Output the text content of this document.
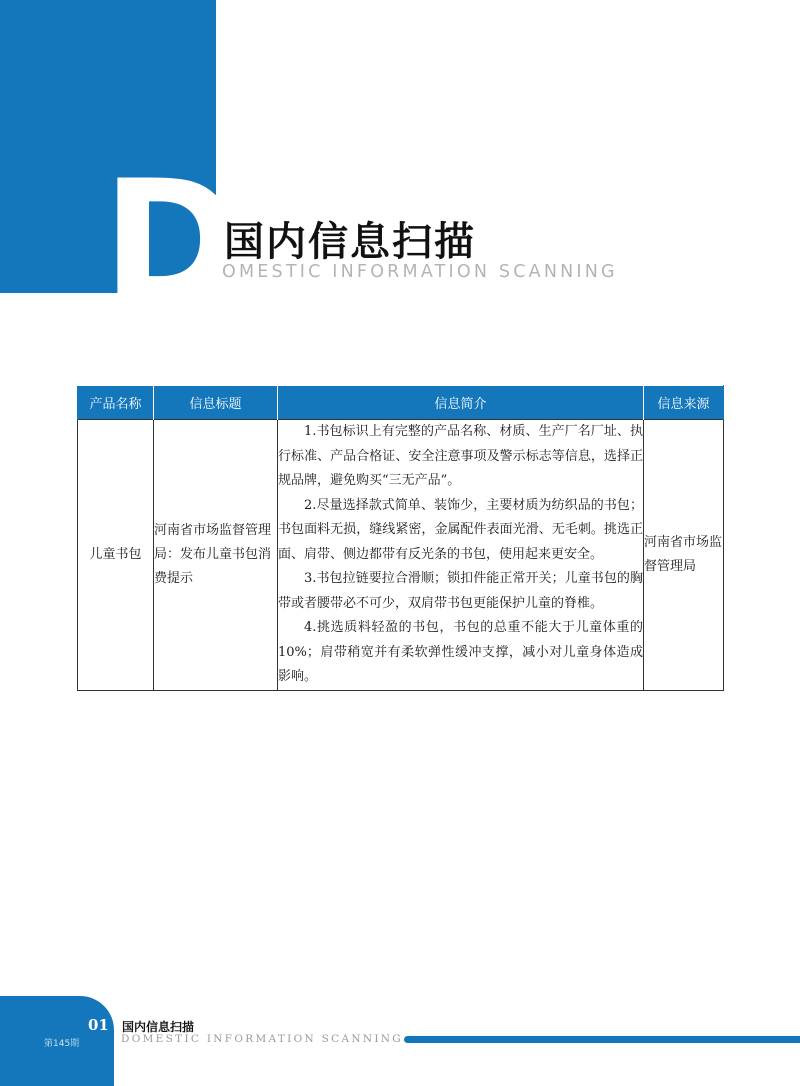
D
国内信息扫描
OMESTIC INFORMATION SCANNING
产品名称	信息标题	信息简介	信息来源
儿童书包	河南省市场监督管理局：发布儿童书包消费提示	1.书包标识上有完整的产品名称、材质、生产厂名厂址、执行标准、产品合格证、安全注意事项及警示标志等信息，选择正规品牌，避免购买“三无产品”。

2.尽量选择款式简单、装饰少，主要材质为纺织品的书包；书包面料无损，缝线紧密，金属配件表面光滑、无毛刺。挑选正面、肩带、侧边都带有反光条的书包，使用起来更安全。

3.书包拉链要拉合滑顺；锁扣件能正常开关；儿童书包的胸带或者腰带必不可少，双肩带书包更能保护儿童的脊椎。

4.挑选质料轻盈的书包，书包的总重不能大于儿童体重的10%；肩带稍宽并有柔软弹性缓冲支撑，减小对儿童身体造成影响。	河南省市场监督管理局
01
第145期
国内信息扫描
DOMESTIC INFORMATION SCANNING
